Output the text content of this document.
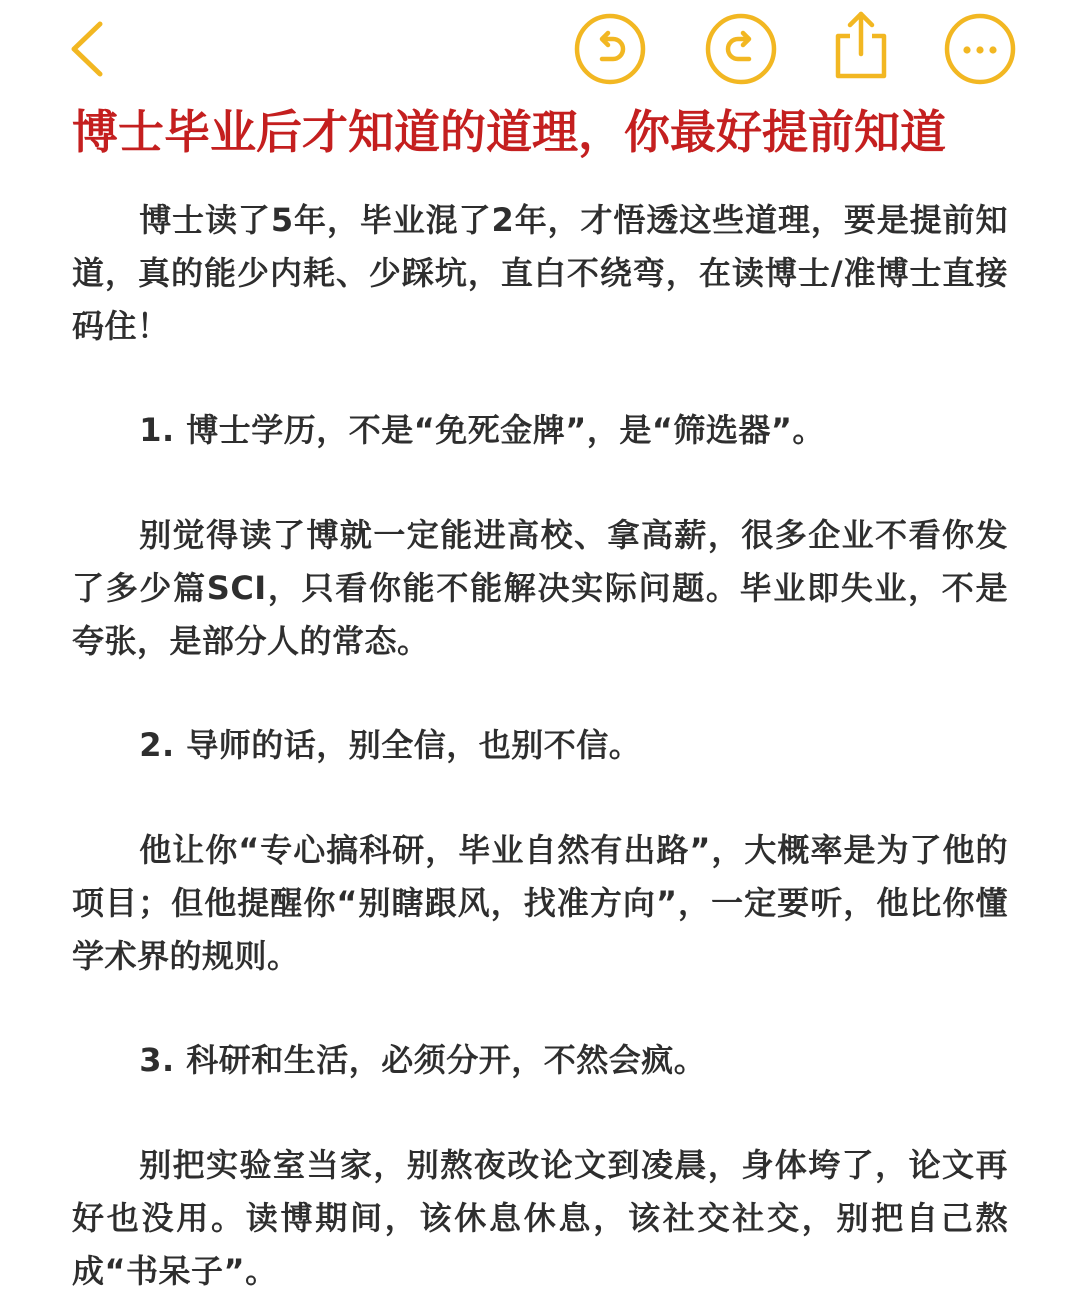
博士毕业后才知道的道理，你最好提前知道

博士读了5年，毕业混了2年，才悟透这些道理，要是提前知道，真的能少内耗、少踩坑，直白不绕弯，在读博士/准博士直接码住！

1. 博士学历，不是“免死金牌”，是“筛选器”。

别觉得读了博就一定能进高校、拿高薪，很多企业不看你发了多少篇SCI，只看你能不能解决实际问题。毕业即失业，不是夸张，是部分人的常态。

2. 导师的话，别全信，也别不信。

他让你“专心搞科研，毕业自然有出路”，大概率是为了他的项目；但他提醒你“别瞎跟风，找准方向”，一定要听，他比你懂学术界的规则。

3. 科研和生活，必须分开，不然会疯。

别把实验室当家，别熬夜改论文到凌晨，身体垮了，论文再好也没用。读博期间，该休息休息，该社交社交，别把自己熬成“书呆子”。
